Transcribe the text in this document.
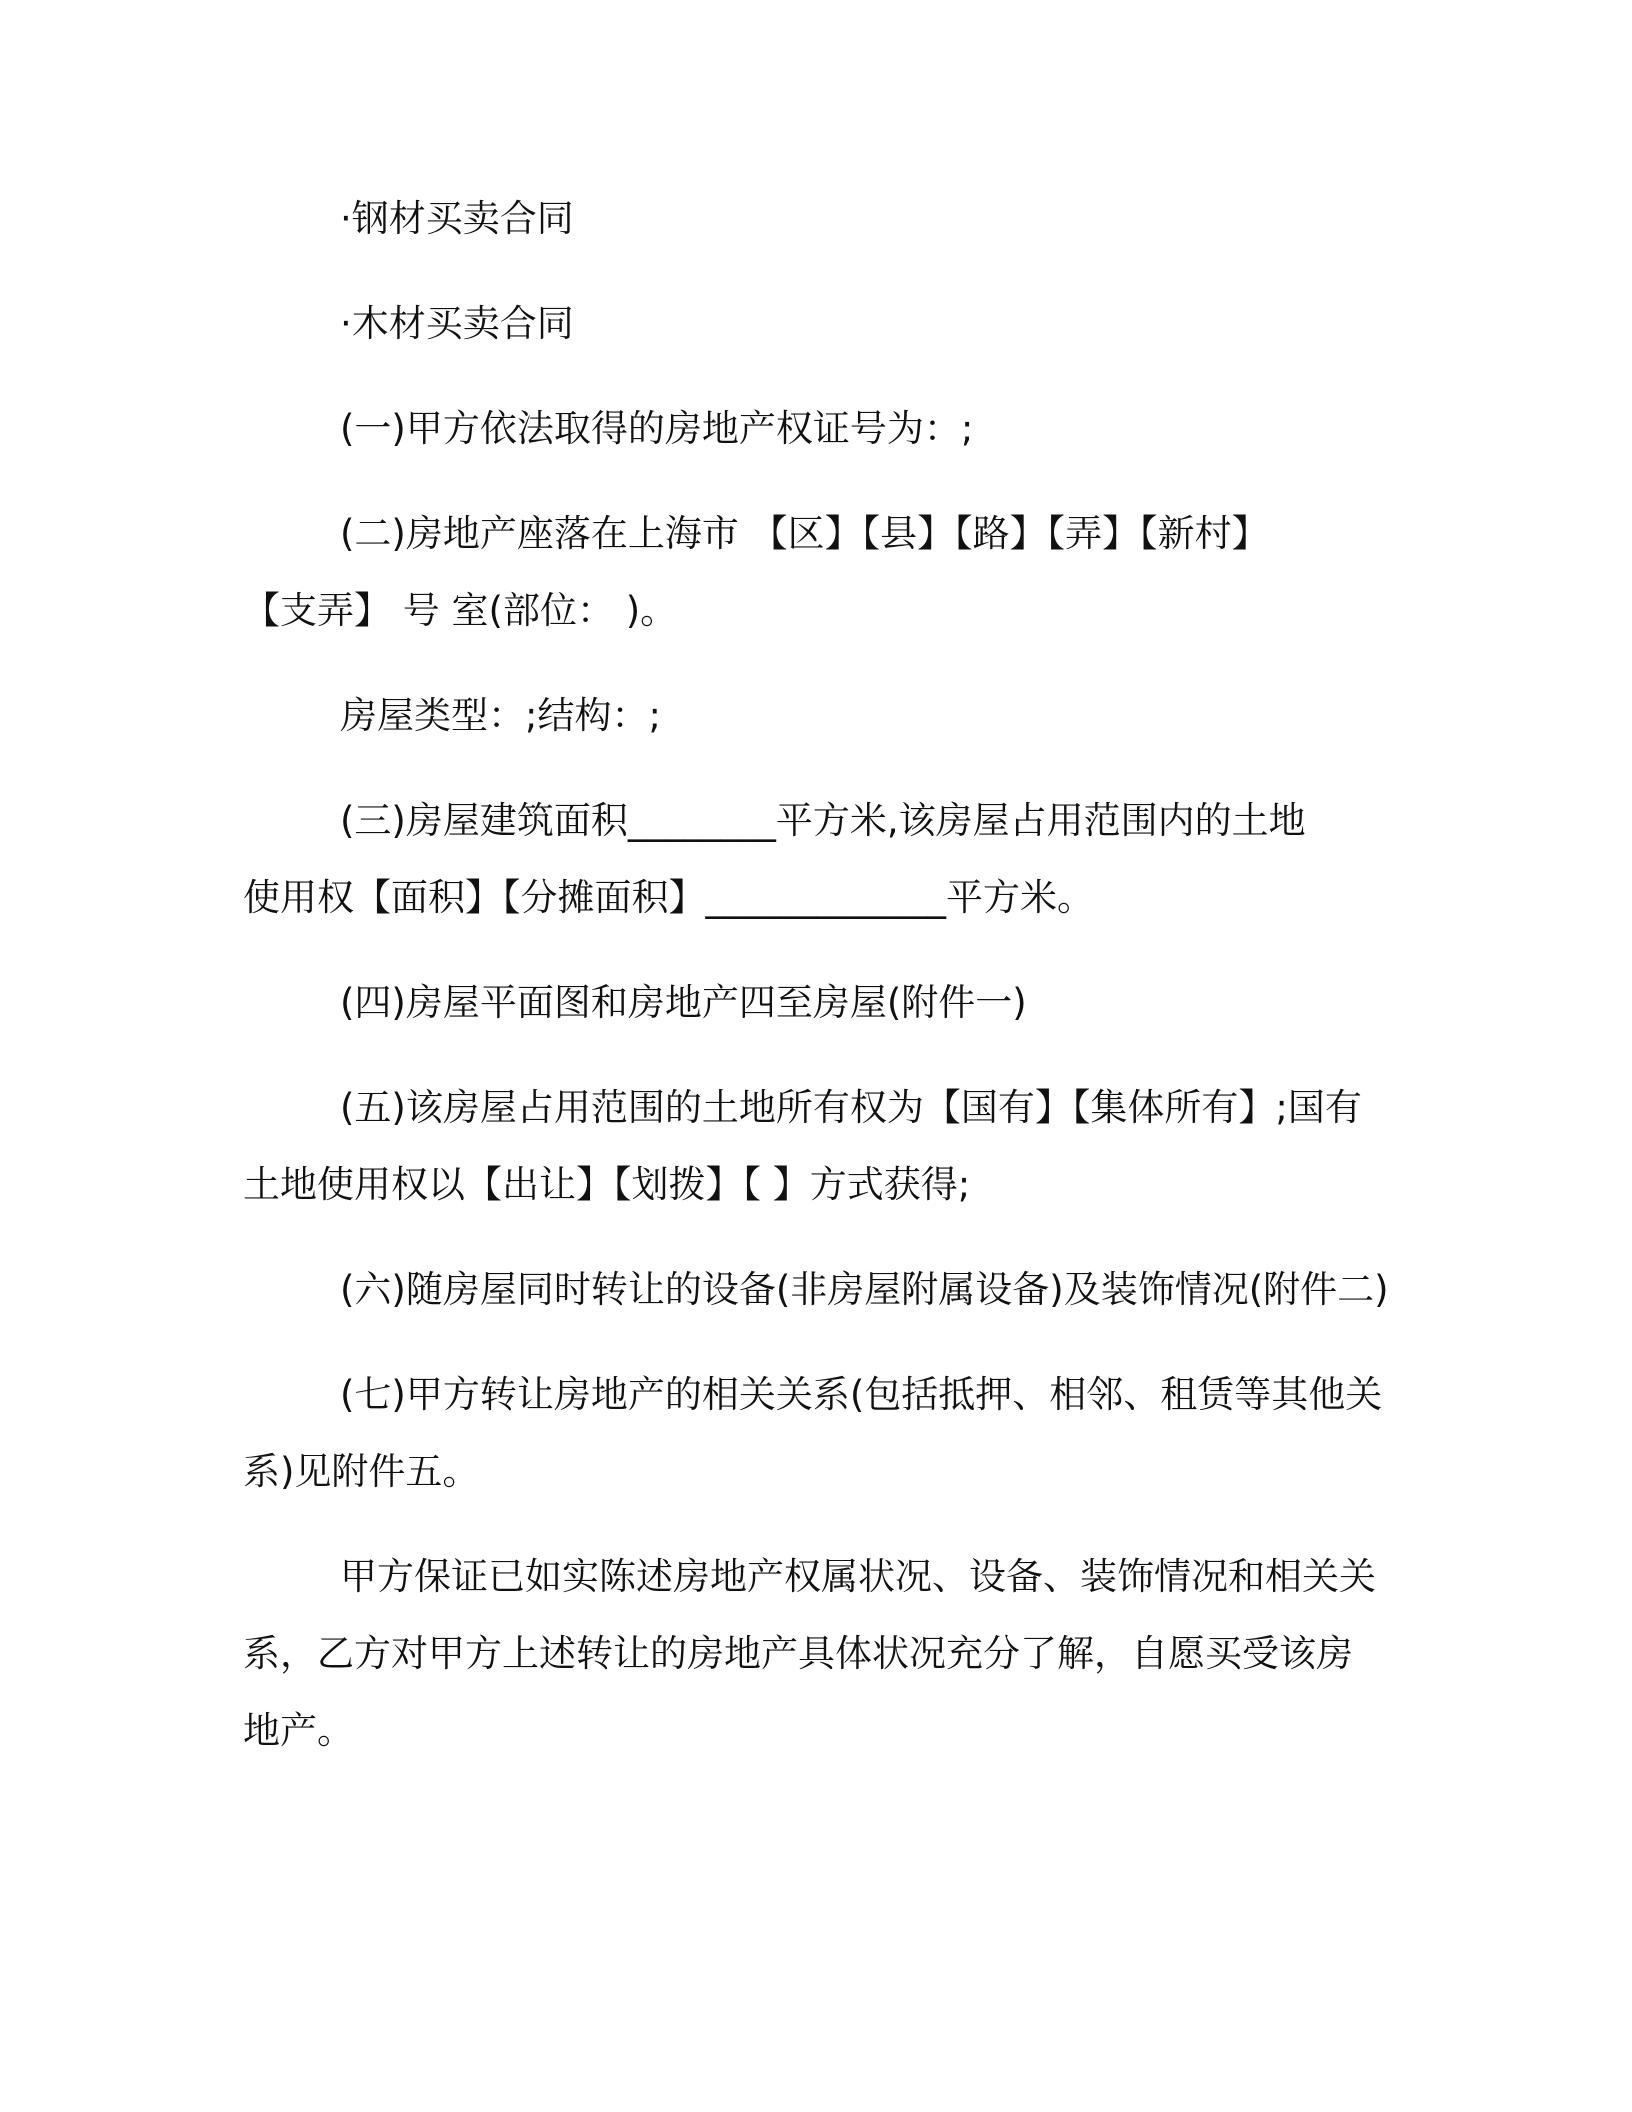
·钢材买卖合同

·木材买卖合同

(一)甲方依法取得的房地产权证号为：;

(二)房地产座落在上海市 【区】【县】【路】【弄】【新村】
【支弄】 号 室(部位： )。

房屋类型：;结构：;

(三)房屋建筑面积________平方米,该房屋占用范围内的土地
使用权【面积】【分摊面积】_____________平方米。

(四)房屋平面图和房地产四至房屋(附件一)

(五)该房屋占用范围的土地所有权为【国有】【集体所有】;国有
土地使用权以【出让】【划拨】【 】方式获得;

(六)随房屋同时转让的设备(非房屋附属设备)及装饰情况(附件二)

(七)甲方转让房地产的相关关系(包括抵押、相邻、租赁等其他关
系)见附件五。

甲方保证已如实陈述房地产权属状况、设备、装饰情况和相关关
系，乙方对甲方上述转让的房地产具体状况充分了解，自愿买受该房
地产。
